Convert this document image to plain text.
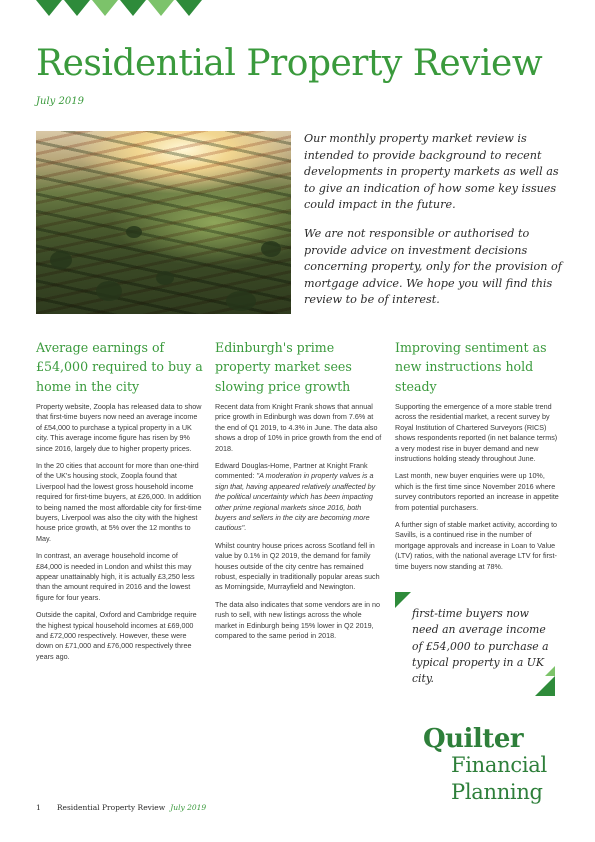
Residential Property Review
July 2019

Our monthly property market review is intended to provide background to recent developments in property markets as well as to give an indication of how some key issues could impact in the future.

We are not responsible or authorised to provide advice on investment decisions concerning property, only for the provision of mortgage advice. We hope you will find this review to be of interest.

Average earnings of £54,000 required to buy a home in the city

Property website, Zoopla has released data to show that first-time buyers now need an average income of £54,000 to purchase a typical property in a UK city. This average income figure has risen by 9% since 2016, largely due to higher property prices.

In the 20 cities that account for more than one-third of the UK's housing stock, Zoopla found that Liverpool had the lowest gross household income required for first-time buyers, at £26,000. In addition to being named the most affordable city for first-time buyers, Liverpool was also the city with the highest house price growth, at 5% over the 12 months to May.

In contrast, an average household income of £84,000 is needed in London and whilst this may appear unattainably high, it is actually £3,250 less than the amount required in 2016 and the lowest figure for four years.

Outside the capital, Oxford and Cambridge require the highest typical household incomes at £69,000 and £72,000 respectively. However, these were down on £71,000 and £76,000 respectively three years ago.

Edinburgh's prime property market sees slowing price growth

Recent data from Knight Frank shows that annual price growth in Edinburgh was down from 7.6% at the end of Q1 2019, to 4.3% in June. The data also shows a drop of 10% in price growth from the end of 2018.

Edward Douglas-Home, Partner at Knight Frank commented: "A moderation in property values is a sign that, having appeared relatively unaffected by the political uncertainty which has been impacting other prime regional markets since 2016, both buyers and sellers in the city are becoming more cautious".

Whilst country house prices across Scotland fell in value by 0.1% in Q2 2019, the demand for family houses outside of the city centre has remained robust, especially in traditionally popular areas such as Morningside, Murrayfield and Newington.

The data also indicates that some vendors are in no rush to sell, with new listings across the whole market in Edinburgh being 15% lower in Q2 2019, compared to the same period in 2018.

Improving sentiment as new instructions hold steady

Supporting the emergence of a more stable trend across the residential market, a recent survey by Royal Institution of Chartered Surveyors (RICS) shows respondents reported (in net balance terms) a very modest rise in buyer demand and new instructions holding steady throughout June.

Last month, new buyer enquiries were up 10%, which is the first time since November 2016 where survey contributors reported an increase in appetite from potential purchasers.

A further sign of stable market activity, according to Savills, is a continued rise in the number of mortgage approvals and increase in Loan to Value (LTV) ratios, with the national average LTV for first-time buyers now standing at 78%.

first-time buyers now need an average income of £54,000 to purchase a typical property in a UK city.

Quilter
Financial
Planning
1 Residential Property Review July 2019
